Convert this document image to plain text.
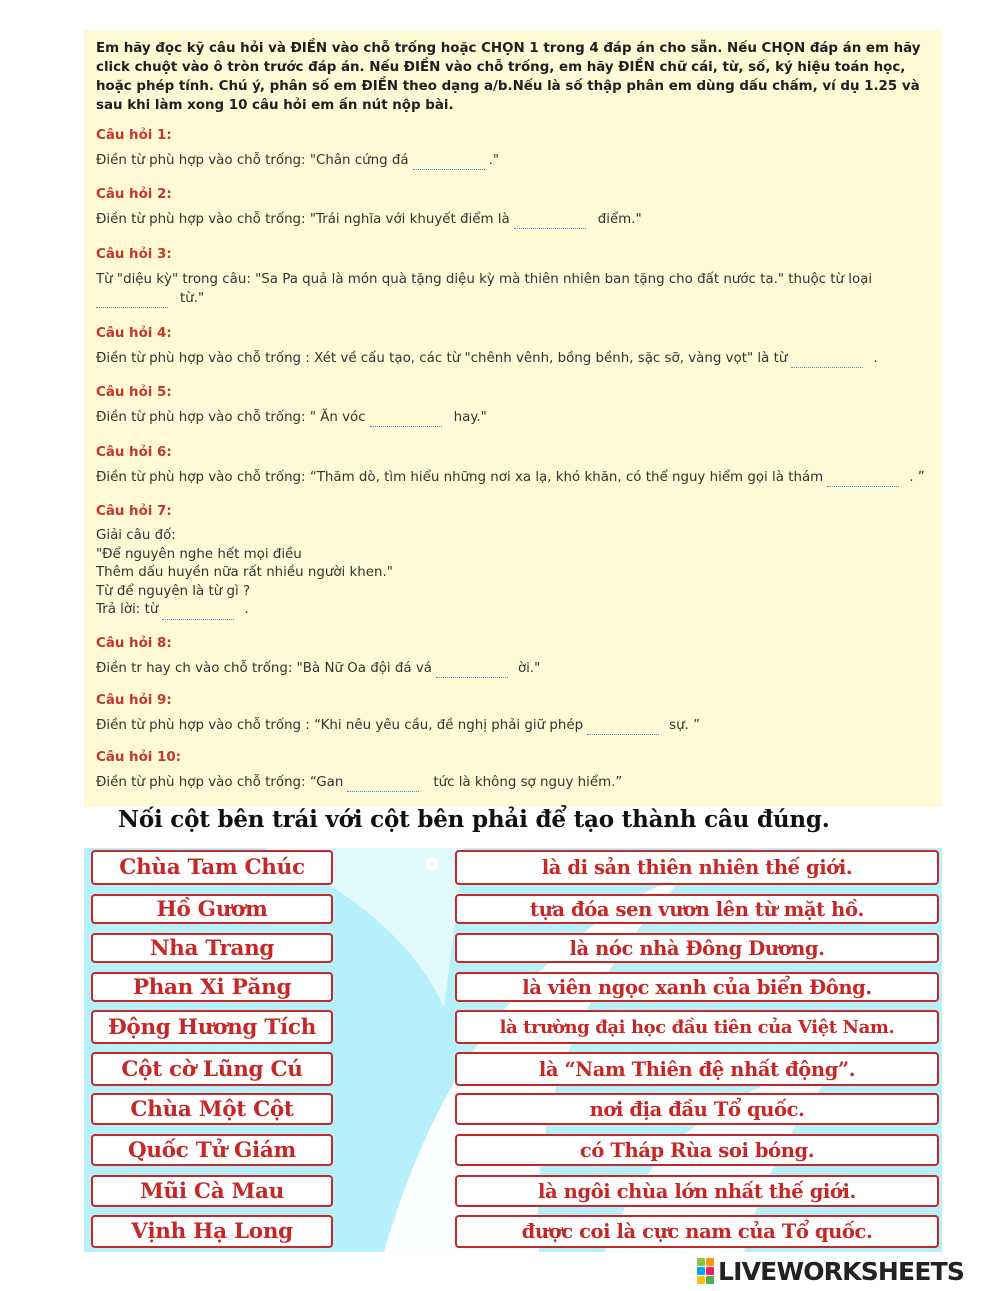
Em hãy đọc kỹ câu hỏi và ĐIỀN vào chỗ trống hoặc CHỌN 1 trong 4 đáp án cho sẵn. Nếu CHỌN đáp án em hãy click chuột vào ô tròn trước đáp án. Nếu ĐIỀN vào chỗ trống, em hãy ĐIỀN chữ cái, từ, số, ký hiệu toán học, hoặc phép tính. Chú ý, phân số em ĐIỀN theo dạng a/b.Nếu là số thập phân em dùng dấu chấm, ví dụ 1.25 và sau khi làm xong 10 câu hỏi em ấn nút nộp bài.

Câu hỏi 1:
Điền từ phù hợp vào chỗ trống: "Chân cứng đá	."
Câu hỏi 2:
Điền từ phù hợp vào chỗ trống: "Trái nghĩa với khuyết điểm là	điểm."
Câu hỏi 3:
Từ "diệu kỳ" trong câu: "Sa Pa quả là món quà tặng diệu kỳ mà thiên nhiên ban tặng cho đất nước ta." thuộc từ loại
từ."
Câu hỏi 4:
Điền từ phù hợp vào chỗ trống : Xét về cấu tạo, các từ "chênh vênh, bồng bềnh, sặc sỡ, vàng vọt" là từ	.
Câu hỏi 5:
Điền từ phù hợp vào chỗ trống: " Ăn vóc	hay."
Câu hỏi 6:
Điền từ phù hợp vào chỗ trống: “Thăm dò, tìm hiểu những nơi xa lạ, khó khăn, có thể nguy hiểm gọi là thám	. ”
Câu hỏi 7:
Giải câu đố:
"Để nguyên nghe hết mọi điều
Thêm dấu huyền nữa rất nhiều người khen."
Từ để nguyên là từ gì ?
Trả lời: từ	.
Câu hỏi 8:
Điền tr hay ch vào chỗ trống: "Bà Nữ Oa đội đá vá	ời."
Câu hỏi 9:
Điền từ phù hợp vào chỗ trống : “Khi nêu yêu cầu, đề nghị phải giữ phép	sự. ”
Câu hỏi 10:
Điền từ phù hợp vào chỗ trống: “Gan	tức là không sợ nguy hiểm.”
Nối cột bên trái với cột bên phải để tạo thành câu đúng.
Chùa Tam Chúc
Hồ Gươm
Nha Trang
Phan Xi Păng
Động Hương Tích
Cột cờ Lũng Cú
Chùa Một Cột
Quốc Tử Giám
Mũi Cà Mau
Vịnh Hạ Long
là di sản thiên nhiên thế giới.
tựa đóa sen vươn lên từ mặt hồ.
là nóc nhà Đông Dương.
là viên ngọc xanh của biển Đông.
là trường đại học đầu tiên của Việt Nam.
là “Nam Thiên đệ nhất động”.
nơi địa đầu Tổ quốc.
có Tháp Rùa soi bóng.
là ngôi chùa lớn nhất thế giới.
được coi là cực nam của Tổ quốc.
LIVEWORKSHEETS
